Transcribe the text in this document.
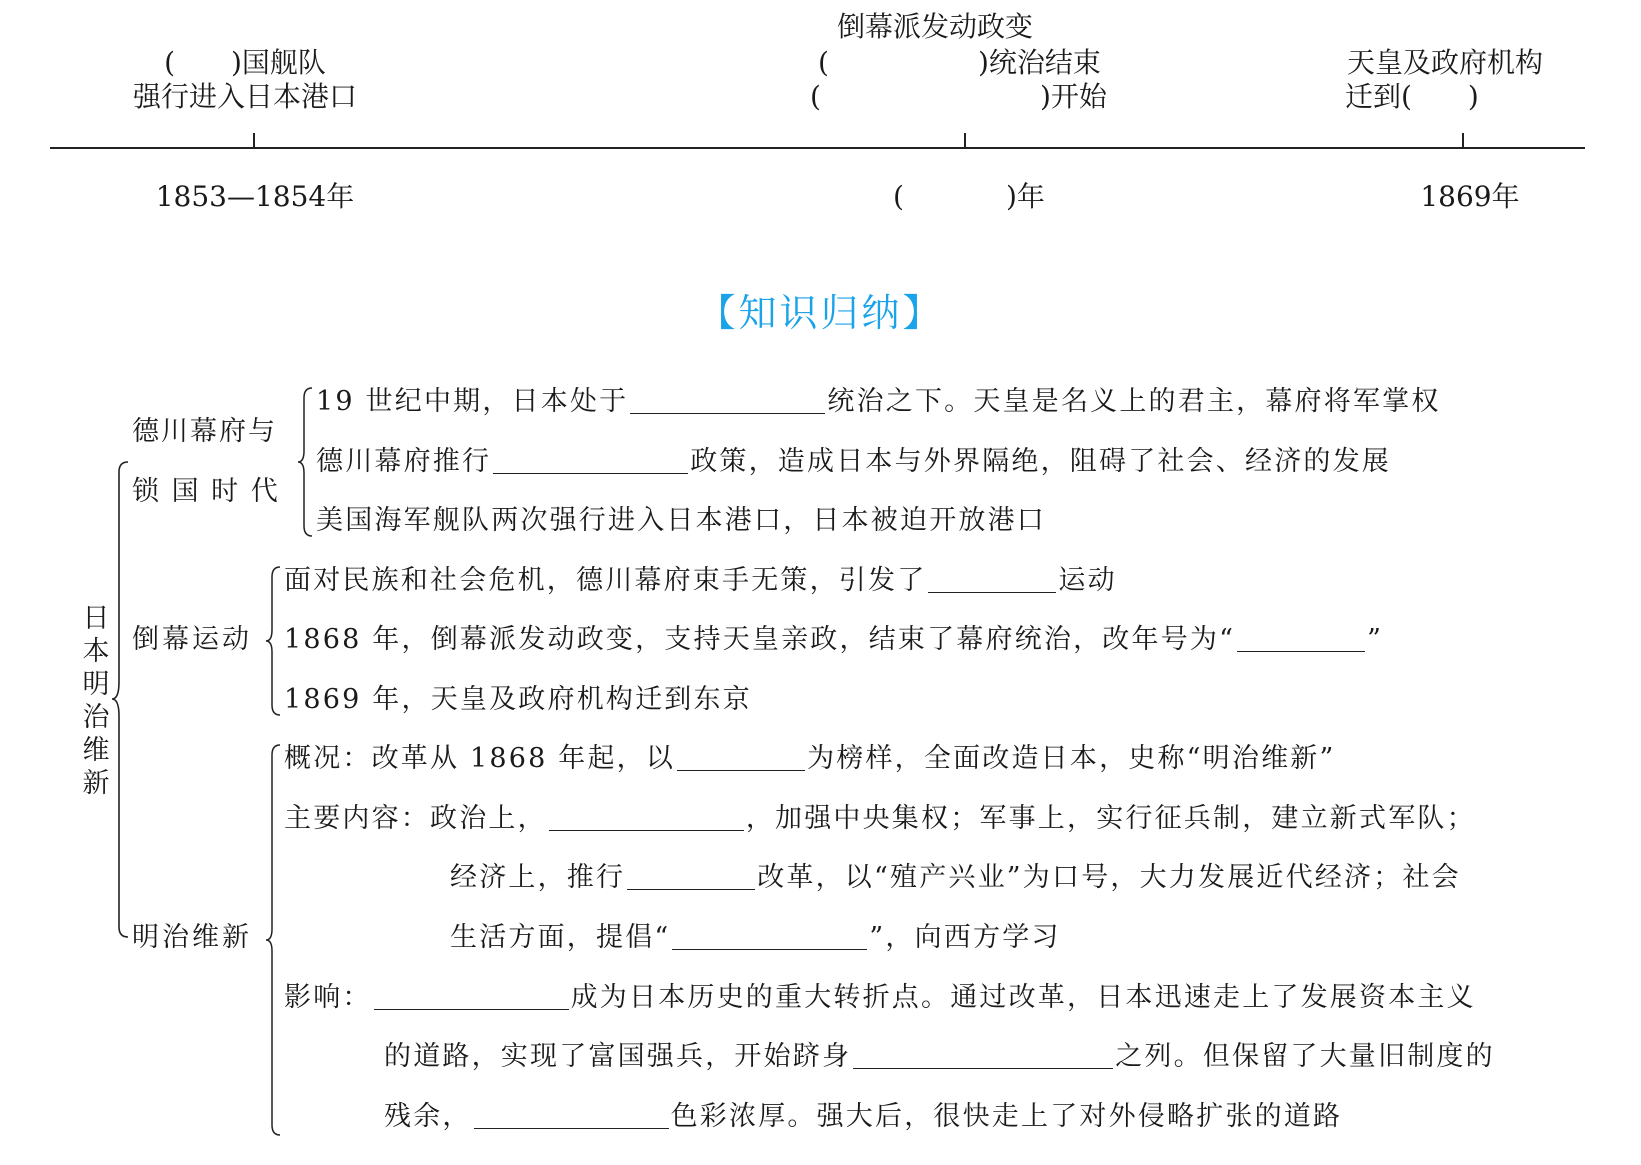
(　　)国舰队
强行进入日本港口
倒幕派发动政变
(	)统治结束
(	)开始
天皇及政府机构
迁到(　　)
1853—1854年	(	)年	1869年
【知识归纳】
日
本
明
治
维
新
德川幕府与
锁 国 时 代
19 世纪中期，日本处于	统治之下。天皇是名义上的君主，幕府将军掌权
德川幕府推行	政策，造成日本与外界隔绝，阻碍了社会、经济的发展
美国海军舰队两次强行进入日本港口，日本被迫开放港口
倒幕运动
面对民族和社会危机，德川幕府束手无策，引发了	运动
1868 年，倒幕派发动政变，支持天皇亲政，结束了幕府统治，改年号为“	”
1869 年，天皇及政府机构迁到东京
明治维新
概况：改革从 1868 年起，以	为榜样，全面改造日本，史称“明治维新”
主要内容：政治上，	，加强中央集权；军事上，实行征兵制，建立新式军队；
经济上，推行	改革，以“殖产兴业”为口号，大力发展近代经济；社会
生活方面，提倡“	”，向西方学习
影响：	成为日本历史的重大转折点。通过改革，日本迅速走上了发展资本主义
的道路，实现了富国强兵，开始跻身	之列。但保留了大量旧制度的
残余，	色彩浓厚。强大后，很快走上了对外侵略扩张的道路
